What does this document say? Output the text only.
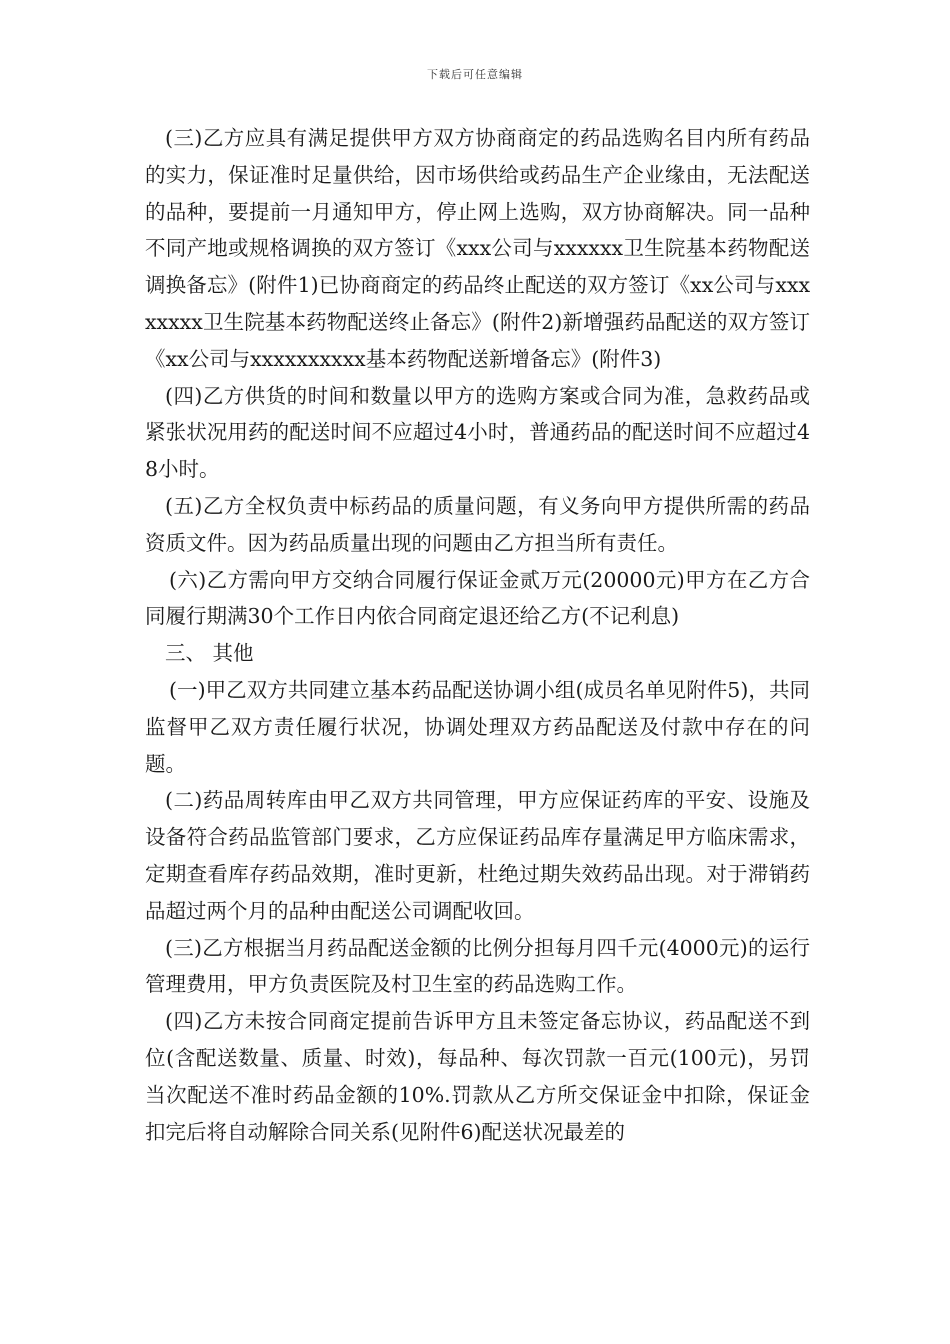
下载后可任意编辑

(三)乙方应具有满足提供甲方双方协商商定的药品选购名目内所有药品的实力，保证准时足量供给，因市场供给或药品生产企业缘由，无法配送的品种，要提前一月通知甲方，停止网上选购，双方协商解决。同一品种不同产地或规格调换的双方签订《xxx公司与xxxxxx卫生院基本药物配送调换备忘》(附件1)已协商商定的药品终止配送的双方签订《xx公司与xxxxxxxx卫生院基本药物配送终止备忘》(附件2)新增强药品配送的双方签订《xx公司与xxxxxxxxxx基本药物配送新增备忘》(附件3)

(四)乙方供货的时间和数量以甲方的选购方案或合同为准，急救药品或紧张状况用药的配送时间不应超过4小时，普通药品的配送时间不应超过48小时。

(五)乙方全权负责中标药品的质量问题，有义务向甲方提供所需的药品资质文件。因为药品质量出现的问题由乙方担当所有责任。

(六)乙方需向甲方交纳合同履行保证金贰万元(20000元)甲方在乙方合同履行期满30个工作日内依合同商定退还给乙方(不记利息)

三、 其他

(一)甲乙双方共同建立基本药品配送协调小组(成员名单见附件5)，共同监督甲乙双方责任履行状况，协调处理双方药品配送及付款中存在的问题。

(二)药品周转库由甲乙双方共同管理，甲方应保证药库的平安、设施及设备符合药品监管部门要求，乙方应保证药品库存量满足甲方临床需求，定期查看库存药品效期，准时更新，杜绝过期失效药品出现。对于滞销药品超过两个月的品种由配送公司调配收回。

(三)乙方根据当月药品配送金额的比例分担每月四千元(4000元)的运行管理费用，甲方负责医院及村卫生室的药品选购工作。

(四)乙方未按合同商定提前告诉甲方且未签定备忘协议，药品配送不到位(含配送数量、质量、时效)，每品种、每次罚款一百元(100元)，另罚当次配送不准时药品金额的10%.罚款从乙方所交保证金中扣除，保证金扣完后将自动解除合同关系(见附件6)配送状况最差的
